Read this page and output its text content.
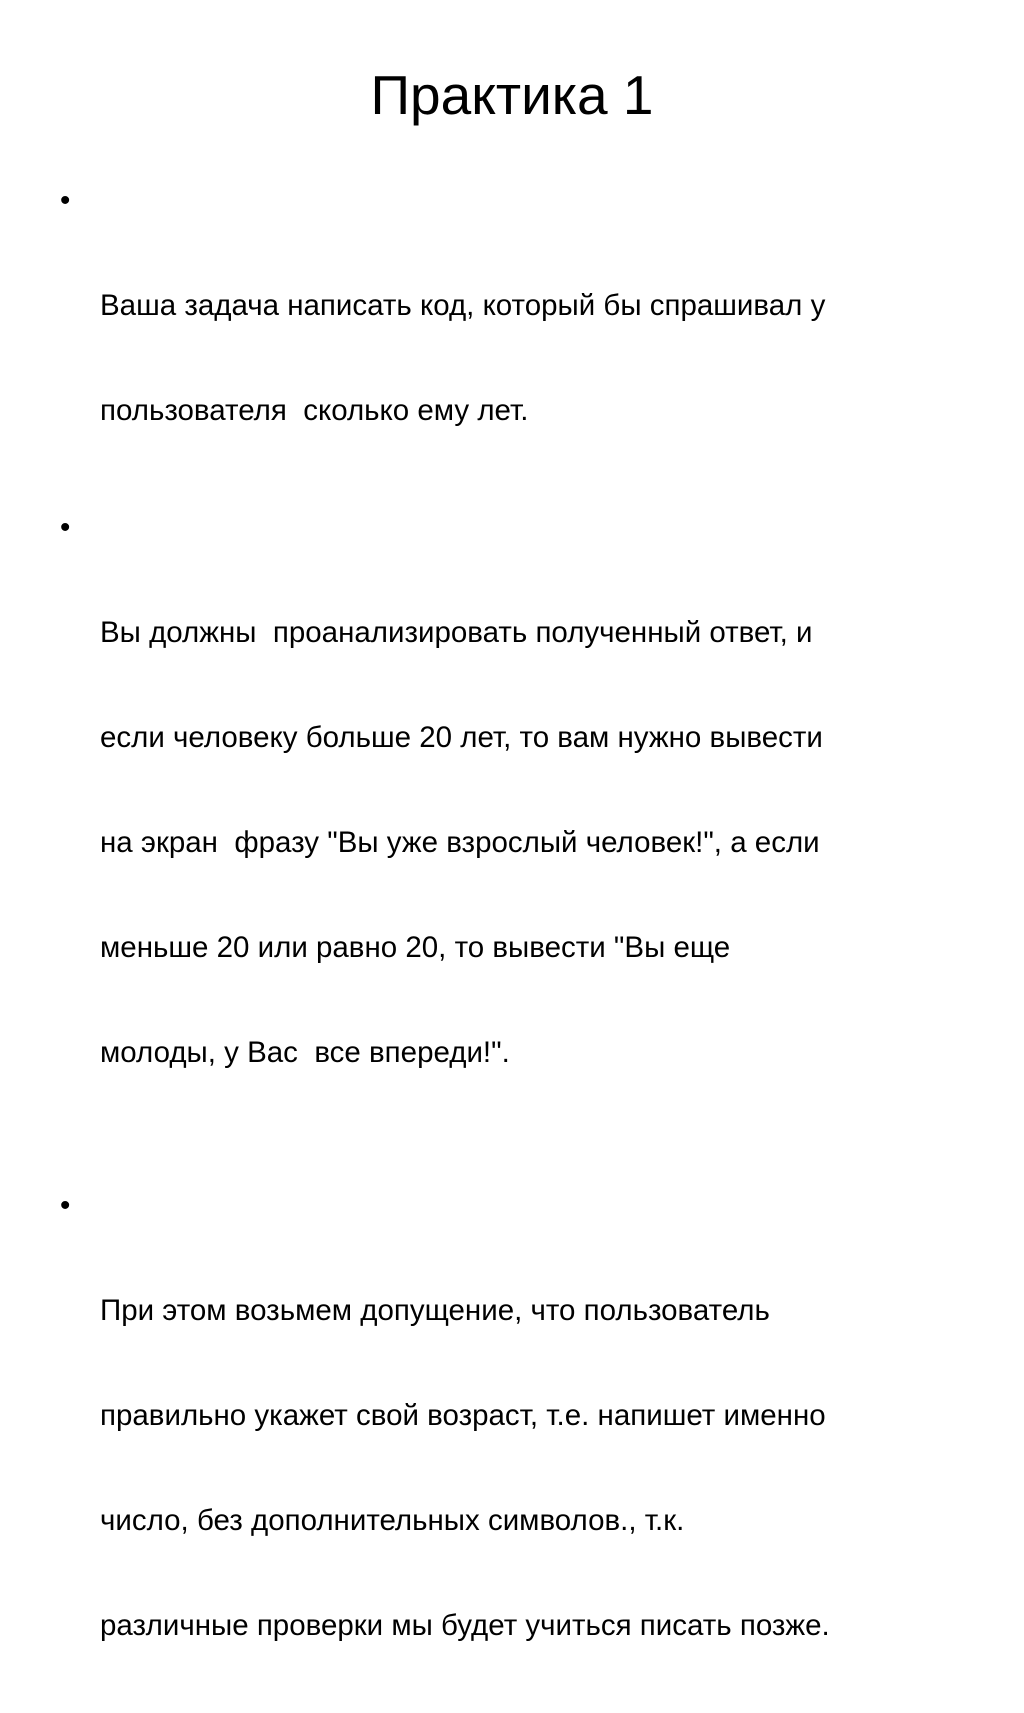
Практика 1

•

Ваша задача написать код, который бы спрашивал у

пользователя  сколько ему лет.

•

Вы должны  проанализировать полученный ответ, и

если человеку больше 20 лет, то вам нужно вывести

на экран  фразу "Вы уже взрослый человек!", а если

меньше 20 или равно 20, то вывести "Вы еще

молоды, у Вас  все впереди!".

•

При этом возьмем допущение, что пользователь

правильно укажет свой возраст, т.е. напишет именно

число, без дополнительных символов., т.к.

различные проверки мы будет учиться писать позже.
